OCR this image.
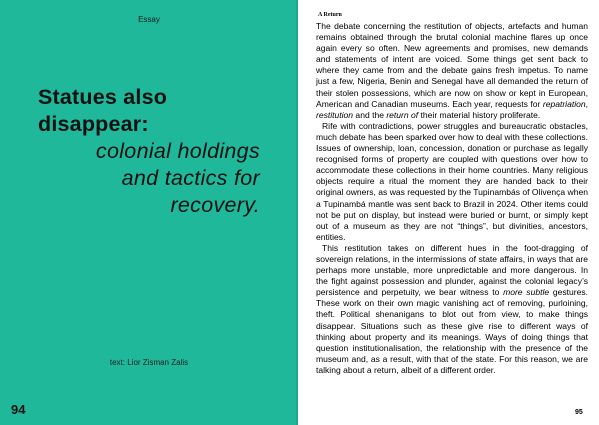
Essay
Statues also
disappear:
colonial holdings
and tactics for
recovery.
text: Lior Zisman Zalis
94
A Return

The debate concerning the restitution of objects, artefacts and human remains obtained through the brutal colonial machine flares up once again every so often. New agreements and promises, new demands and statements of intent are voiced. Some things get sent back to where they came from and the debate gains fresh impetus. To name just a few, Nigeria, Benin and Senegal have all demanded the return of their stolen possessions, which are now on show or kept in European, American and Canadian museums. Each year, requests for repatriation, restitution and the return of their material history proliferate.

Rife with contradictions, power struggles and bureaucratic obstacles, much debate has been sparked over how to deal with these collections. Issues of ownership, loan, concession, donation or purchase as legally recognised forms of property are coupled with questions over how to accommodate these collections in their home countries. Many religious objects require a ritual the moment they are handed back to their original owners, as was requested by the Tupinambás of Olivença when a Tupinambá mantle was sent back to Brazil in 2024. Other items could not be put on display, but instead were buried or burnt, or simply kept out of a museum as they are not “things”, but divinities, ancestors, entities.

This restitution takes on different hues in the foot-dragging of sovereign relations, in the intermissions of state affairs, in ways that are perhaps more unstable, more unpredictable and more dangerous. In the fight against possession and plunder, against the colonial legacy’s persistence and perpetuity, we bear witness to more subtle gestures. These work on their own magic vanishing act of removing, purloining, theft. Political shenanigans to blot out from view, to make things disappear. Situations such as these give rise to different ways of thinking about property and its meanings. Ways of doing things that question institutionalisation, the relationship with the presence of the museum and, as a result, with that of the state. For this reason, we are talking about a return, albeit of a different order.

95
